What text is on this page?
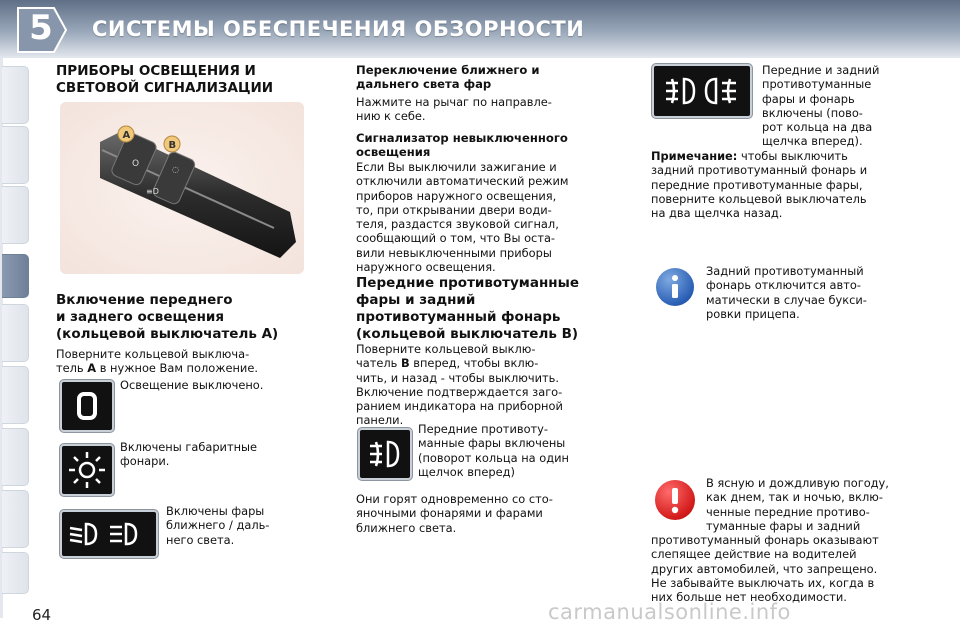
5	СИСТЕМЫ ОБЕСПЕЧЕНИЯ ОБЗОРНОСТИ
ПРИБОРЫ ОСВЕЩЕНИЯ И
СВЕТОВОЙ СИГНАЛИЗАЦИИ
O
≡D
◌
A
B
Включение переднего
и заднего освещения
(кольцевой выключатель A)
Поверните кольцевой выключа-
тель A в нужное Вам положение.
Освещение выключено.
Включены габаритные
фонари.
Включены фары
ближнего / даль-
него света.
Переключение ближнего и
дальнего света фар
Нажмите на рычаг по направле-
нию к себе.
Сигнализатор невыключенного
освещения
Если Вы выключили зажигание и
отключили автоматический режим
приборов наружного освещения,
то, при открывании двери води-
теля, раздастся звуковой сигнал,
сообщающий о том, что Вы оста-
вили невыключенными приборы
наружного освещения.
Передние противотуманные
фары и задний
противотуманный фонарь
(кольцевой выключатель B)
Поверните кольцевой выклю-
чатель B вперед, чтобы вклю-
чить, и назад - чтобы выключить.
Включение подтверждается заго-
ранием индикатора на приборной
панели.
Передние противоту-
манные фары включены
(поворот кольца на один
щелчок вперед)
Они горят одновременно со сто-
яночными фонарями и фарами
ближнего света.
Передние и задний
противотуманные
фары и фонарь
включены (пово-
рот кольца на два
щелчка вперед).
Примечание: чтобы выключить
задний противотуманный фонарь и
передние противотуманные фары,
поверните кольцевой выключатель
на два щелчка назад.
Задний противотуманный
фонарь отключится авто-
матически в случае букси-
ровки прицепа.
В ясную и дождливую погоду,
как днем, так и ночью, вклю-
ченные передние противо-
туманные фары и задний
противотуманный фонарь оказывают
слепящее действие на водителей
других автомобилей, что запрещено.
Не забывайте выключать их, когда в
них больше нет необходимости.
64	carmanualsonline.info
